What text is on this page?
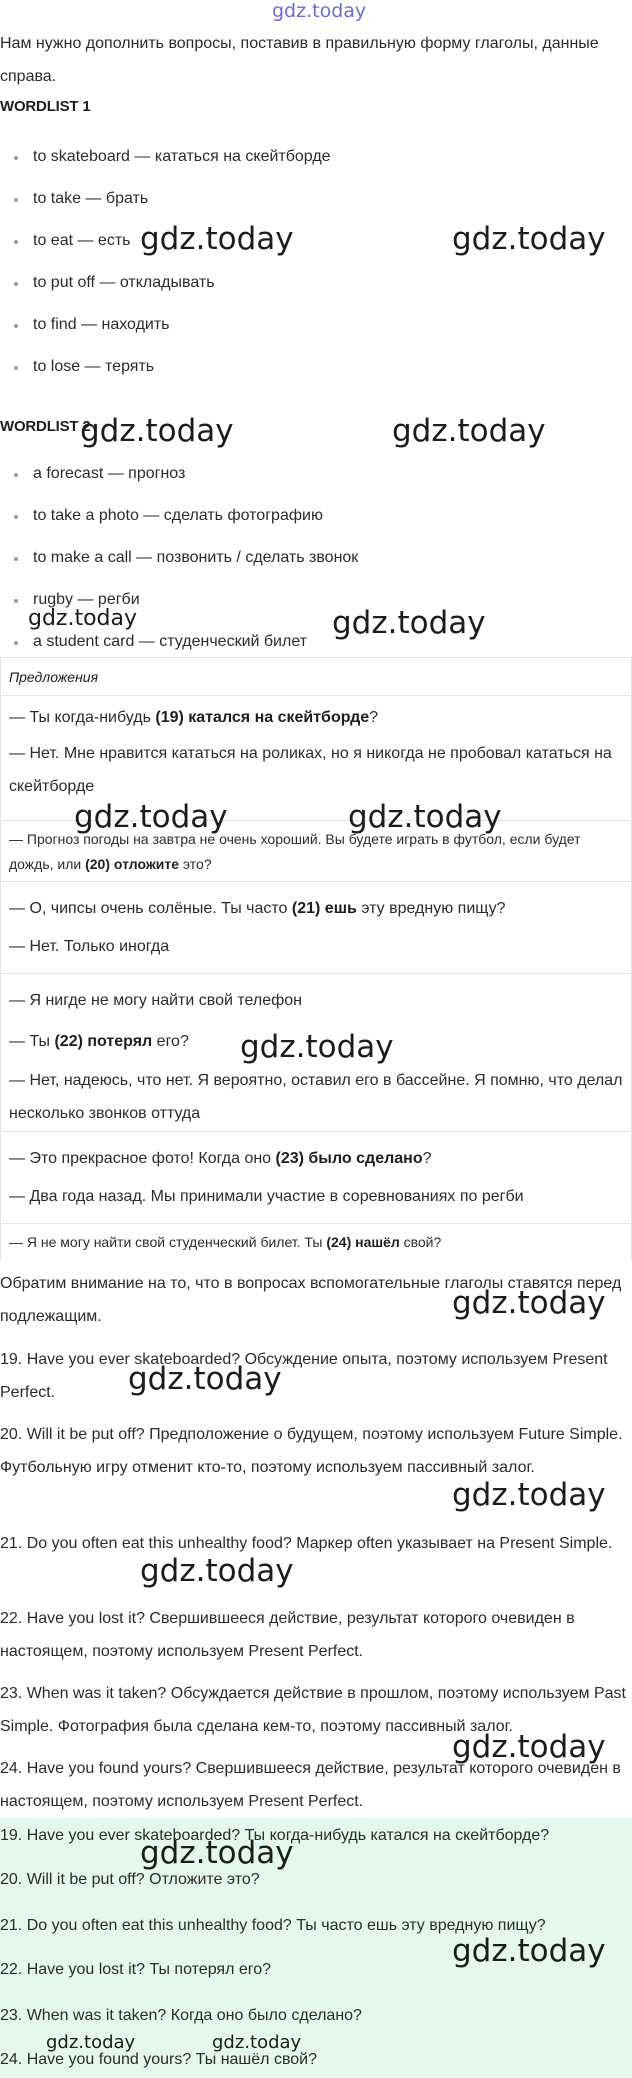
gdz.today
Нам нужно дополнить вопросы, поставив в правильную форму глаголы, данные справа.
WORDLIST 1
to skateboard — кататься на скейтборде
to take — брать
to eat — есть
to put off — откладывать
to find — находить
to lose — терять
WORDLIST 2
a forecast — прогноз
to take a photo — сделать фотографию
to make a call — позвонить / сделать звонок
rugby — регби
a student card — студенческий билет
Предложения
— Ты когда-нибудь (19) катался на скейтборде?
— Нет. Мне нравится кататься на роликах, но я никогда не пробовал кататься на скейтборде
— Прогноз погоды на завтра не очень хороший. Вы будете играть в футбол, если будет дождь, или (20) отложите это?
— О, чипсы очень солёные. Ты часто (21) ешь эту вредную пищу?
— Нет. Только иногда
— Я нигде не могу найти свой телефон
— Ты (22) потерял его?
— Нет, надеюсь, что нет. Я вероятно, оставил его в бассейне. Я помню, что делал несколько звонков оттуда
— Это прекрасное фото! Когда оно (23) было сделано?
— Два года назад. Мы принимали участие в соревнованиях по регби
— Я не могу найти свой студенческий билет. Ты (24) нашёл свой?
Обратим внимание на то, что в вопросах вспомогательные глаголы ставятся перед подлежащим.
19. Have you ever skateboarded? Обсуждение опыта, поэтому используем Present Perfect.
20. Will it be put off? Предположение о будущем, поэтому используем Future Simple. Футбольную игру отменит кто-то, поэтому используем пассивный залог.
21. Do you often eat this unhealthy food? Маркер often указывает на Present Simple.
22. Have you lost it? Свершившееся действие, результат которого очевиден в настоящем, поэтому используем Present Perfect.
23. When was it taken? Обсуждается действие в прошлом, поэтому используем Past Simple. Фотография была сделана кем-то, поэтому пассивный залог.
24. Have you found yours? Свершившееся действие, результат которого очевиден в настоящем, поэтому используем Present Perfect.
19. Have you ever skateboarded? Ты когда-нибудь катался на скейтборде?
20. Will it be put off? Отложите это?
21. Do you often eat this unhealthy food? Ты часто ешь эту вредную пищу?
22. Have you lost it? Ты потерял его?
23. When was it taken? Когда оно было сделано?
24. Have you found yours? Ты нашёл свой?
gdz.today	gdz.today
gdz.today	gdz.today
gdz.today	gdz.today
gdz.today	gdz.today
gdz.today
gdz.today
gdz.today
gdz.today
gdz.today
gdz.today
gdz.today
gdz.today
gdz.today	gdz.today
